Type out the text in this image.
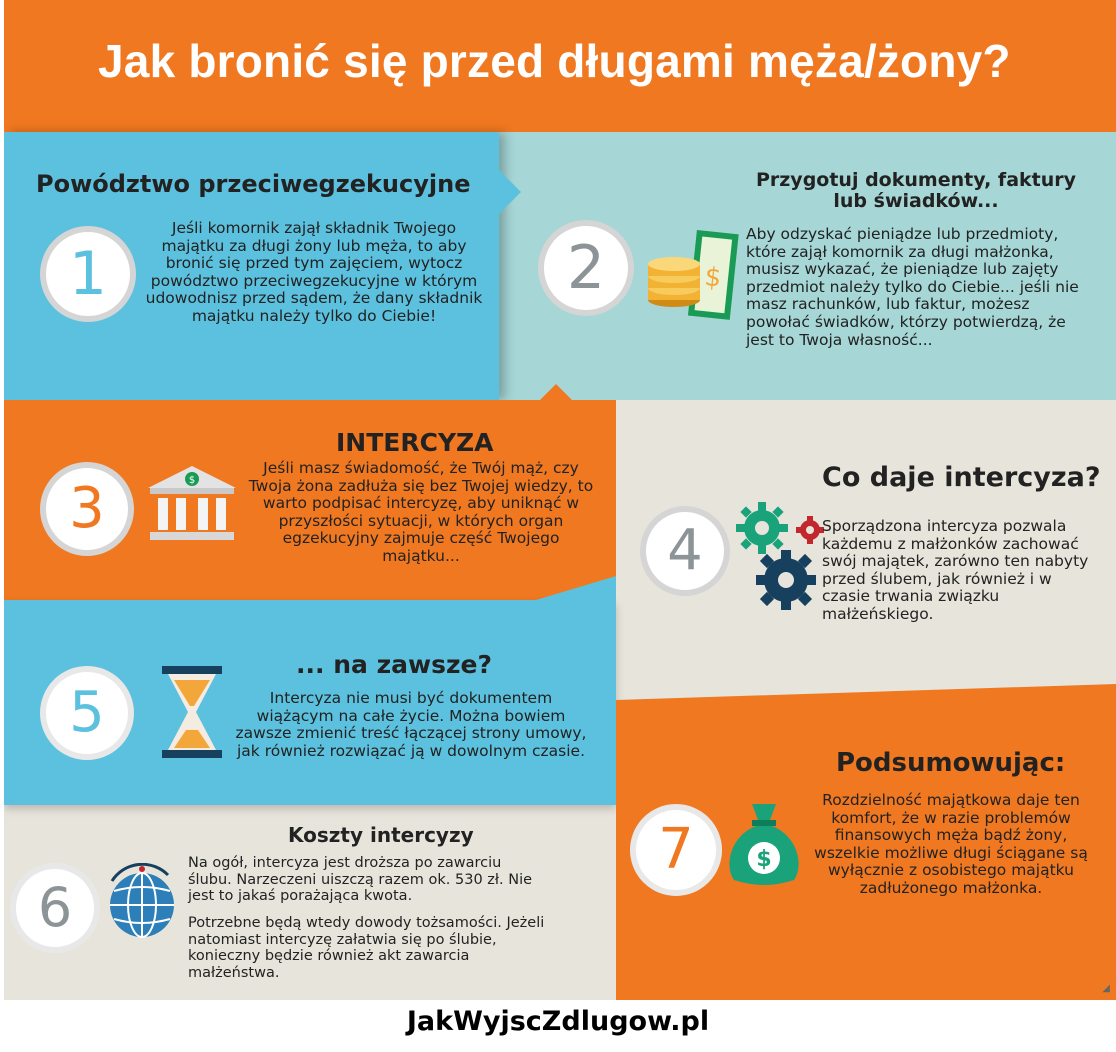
Jak bronić się przed długami męża/żony?
Powództwo przeciwegzekucyjne
1

Jeśli komornik zajął składnik Twojego majątku za długi żony lub męża, to aby bronić się przed tym zajęciem, wytocz powództwo przeciwegzekucyjne w którym udowodnisz przed sądem, że dany składnik majątku należy tylko do Ciebie!

Przygotuj dokumenty, faktury lub świadków...
2	$

Aby odzyskać pieniądze lub przedmioty, które zajął komornik za długi małżonka, musisz wykazać, że pieniądze lub zajęty przedmiot należy tylko do Ciebie... jeśli nie masz rachunków, lub faktur, możesz powołać świadków, którzy potwierdzą, że jest to Twoja własność...

INTERCYZA
3	$

Jeśli masz świadomość, że Twój mąż, czy Twoja żona zadłuża się bez Twojej wiedzy, to warto podpisać intercyzę, aby uniknąć w przyszłości sytuacji, w których organ egzekucyjny zajmuje część Twojego majątku...

Co daje intercyza?
4	Sporządzona intercyza pozwala każdemu z małżonków zachować swój majątek, zarówno ten nabyty przed ślubem, jak również i w czasie trwania związku małżeńskiego.

... na zawsze?
5	Intercyza nie musi być dokumentem wiążącym na całe życie. Można bowiem zawsze zmienić treść łączącej strony umowy, jak również rozwiązać ją w dowolnym czasie.

Koszty intercyzy
6

Na ogół, intercyza jest droższa po zawarciu ślubu. Narzeczeni uiszczą razem ok. 530 zł. Nie jest to jakaś porażająca kwota.

Potrzebne będą wtedy dowody tożsamości. Jeżeli natomiast intercyzę załatwia się po ślubie, konieczny będzie również akt zawarcia małżeństwa.

Podsumowując:
7	$

Rozdzielność majątkowa daje ten komfort, że w razie problemów finansowych męża bądź żony, wszelkie możliwe długi ściągane są wyłącznie z osobistego majątku zadłużonego małżonka.

◢
JakWyjscZdlugow.pl
